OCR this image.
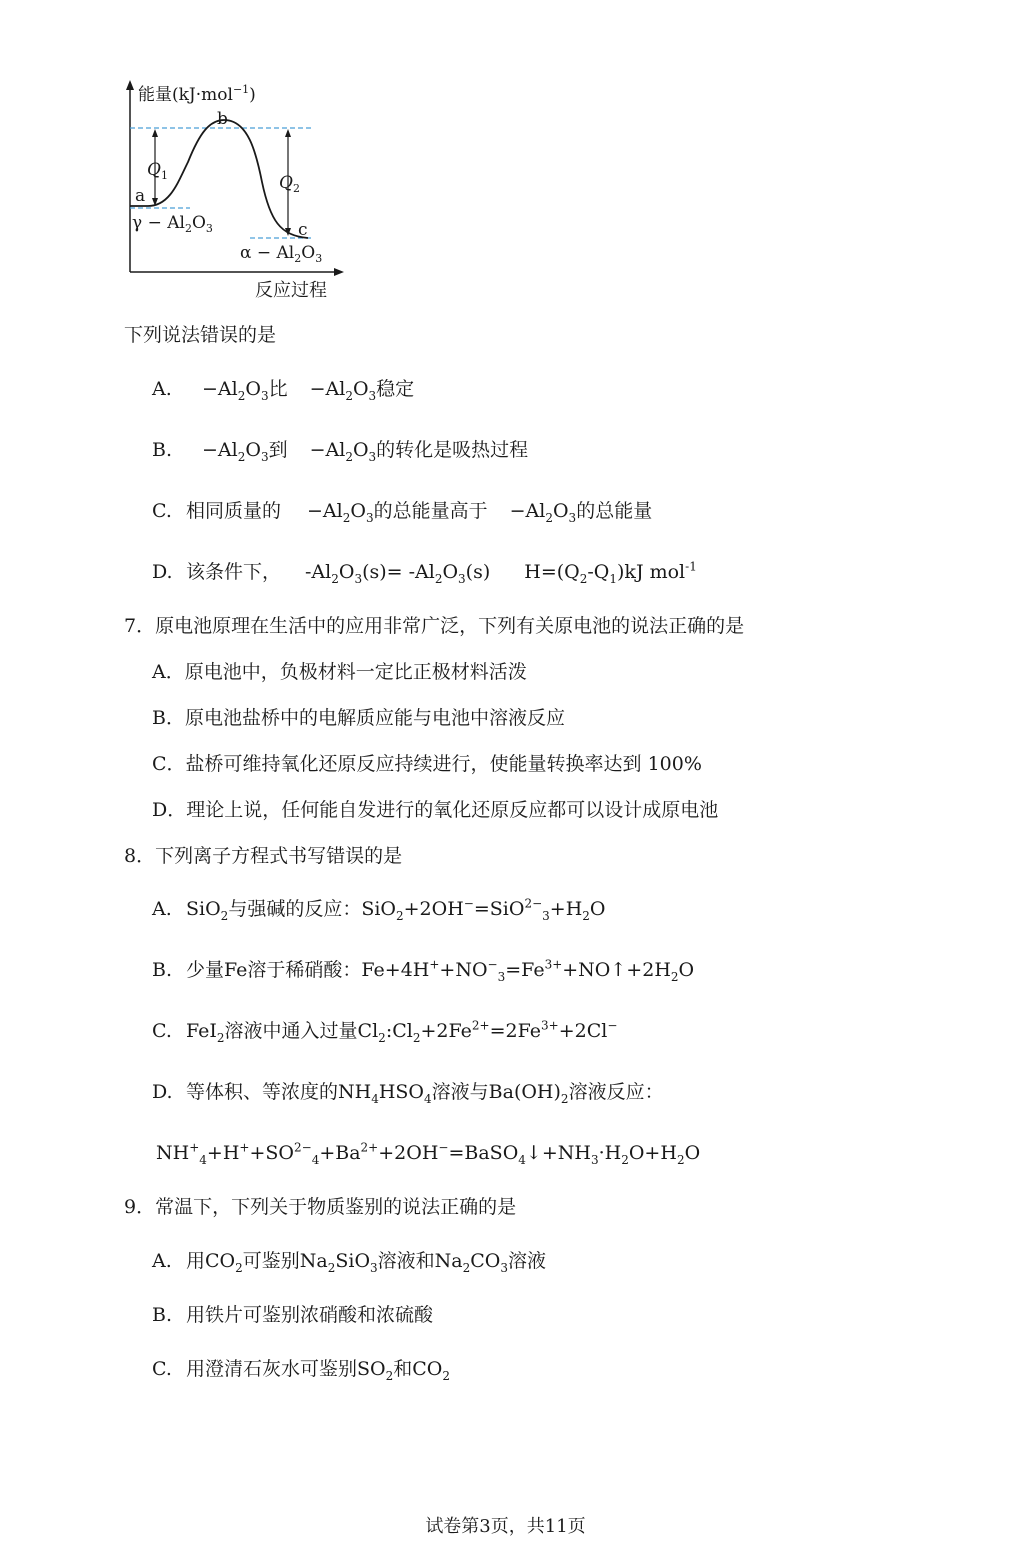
能量(kJ·mol$^{-1}$)
b
a
c
$Q_1$	$Q_2$
$\gamma - Al_2O_3$
$\alpha - Al_2O_3$
反应过程
下列说法错误的是
A. $-Al_2O_3$比 $-Al_2O_3$稳定
B. $-Al_2O_3$到 $-Al_2O_3$的转化是吸热过程
C. 相同质量的 $-Al_2O_3$的总能量高于 $-Al_2O_3$的总能量
D. 该条件下， $-Al_2O_3(s)= -Al_2O_3(s)$ $H=(Q_2-Q_1)kJ$ mol$^{-1}$
7．原电池原理在生活中的应用非常广泛，下列有关原电池的说法正确的是
A．原电池中，负极材料一定比正极材料活泼
B．原电池盐桥中的电解质应能与电池中溶液反应
C．盐桥可维持氧化还原反应持续进行，使能量转换率达到 100%
D．理论上说，任何能自发进行的氧化还原反应都可以设计成原电池
8．下列离子方程式书写错误的是
A. SiO$_2$与强碱的反应：$SiO_2+2OH^-=SiO^{2-}_3+H_2O$
B. 少量Fe溶于稀硝酸：$Fe+4H^++NO^-_3=Fe^{3+}+NO↑+2H_2O$
C. FeI$_2$溶液中通入过量$Cl_2:Cl_2+2Fe^{2+}=2Fe^{3+}+2Cl^-$
D. 等体积、等浓度的$NH_4HSO_4$溶液与$Ba(OH)_2$溶液反应：
$NH^+_4+H^++SO^{2-}_4+Ba^{2+}+2OH^-=BaSO_4↓+NH_3\cdot H_2O+H_2O$
9．常温下，下列关于物质鉴别的说法正确的是
A. 用$CO_2$可鉴别$Na_2SiO_3$溶液和$Na_2CO_3$溶液
B. 用铁片可鉴别浓硝酸和浓硫酸
C. 用澄清石灰水可鉴别$SO_2$和$CO_2$
试卷第3页，共11页
